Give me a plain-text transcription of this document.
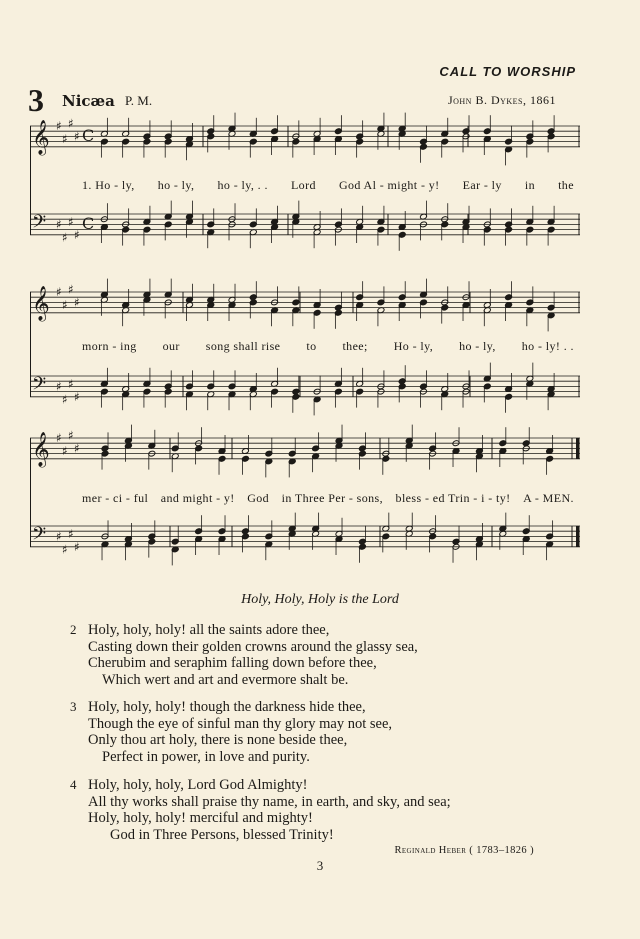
CALL TO WORSHIP
3 Nicæa P. M.	John B. Dykes, 1861
𝄞 ♯
♯
♯
♯ C
𝄢 ♯
♯
♯
♯
C
1. Ho - ly, ho - ly, ho - ly, . . Lord God Al - might - y! Ear - ly in the
𝄞 ♯
♯
♯
♯
𝄢 ♯
♯
♯
♯
morn - ing our song shall rise to thee; Ho - ly, ho - ly, ho - ly! . .
𝄞 ♯
♯
♯
♯
𝄢 ♯
♯
♯
♯
mer - ci - ful and might - y! God in Three Per - sons, bless - ed Trin - i - ty! A - MEN.
Holy, Holy, Holy is the Lord
2 Holy, holy, holy! all the saints adore thee,
Casting down their golden crowns around the glassy sea,
Cherubim and seraphim falling down before thee,
Which wert and art and evermore shalt be.
3 Holy, holy, holy! though the darkness hide thee,
Though the eye of sinful man thy glory may not see,
Only thou art holy, there is none beside thee,
Perfect in power, in love and purity.
4 Holy, holy, holy, Lord God Almighty!
All thy works shall praise thy name, in earth, and sky, and sea;
Holy, holy, holy! merciful and mighty!
God in Three Persons, blessed Trinity!
Reginald Heber ( 1783–1826 )
3
